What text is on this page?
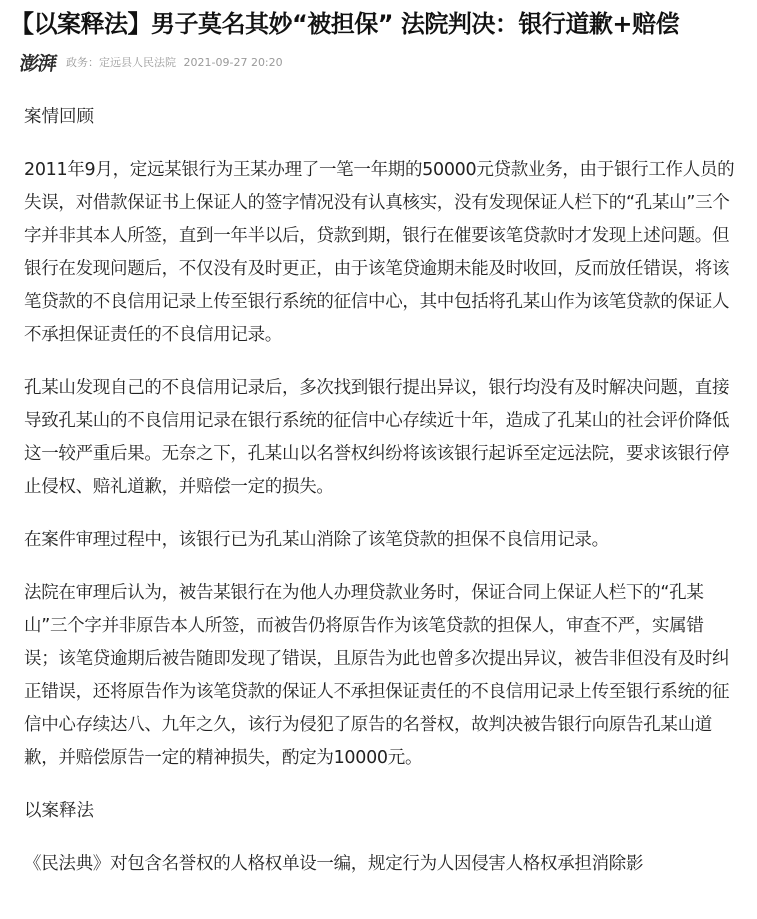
【以案释法】男子莫名其妙“被担保” 法院判决：银行道歉+赔偿
澎湃 政务：定远县人民法院 2021-09-27 20:20

案情回顾

2011年9月，定远某银行为王某办理了一笔一年期的50000元贷款业务，由于银行工作人员的失误，对借款保证书上保证人的签字情况没有认真核实，没有发现保证人栏下的“孔某山”三个字并非其本人所签，直到一年半以后，贷款到期，银行在催要该笔贷款时才发现上述问题。但银行在发现问题后，不仅没有及时更正，由于该笔贷逾期未能及时收回，反而放任错误，将该笔贷款的不良信用记录上传至银行系统的征信中心，其中包括将孔某山作为该笔贷款的保证人不承担保证责任的不良信用记录。

孔某山发现自己的不良信用记录后，多次找到银行提出异议，银行均没有及时解决问题，直接导致孔某山的不良信用记录在银行系统的征信中心存续近十年，造成了孔某山的社会评价降低这一较严重后果。无奈之下，孔某山以名誉权纠纷将该该银行起诉至定远法院，要求该银行停止侵权、赔礼道歉，并赔偿一定的损失。

在案件审理过程中，该银行已为孔某山消除了该笔贷款的担保不良信用记录。

法院在审理后认为，被告某银行在为他人办理贷款业务时，保证合同上保证人栏下的“孔某山”三个字并非原告本人所签，而被告仍将原告作为该笔贷款的担保人，审查不严，实属错误；该笔贷逾期后被告随即发现了错误，且原告为此也曾多次提出异议，被告非但没有及时纠正错误，还将原告作为该笔贷款的保证人不承担保证责任的不良信用记录上传至银行系统的征信中心存续达八、九年之久，该行为侵犯了原告的名誉权，故判决被告银行向原告孔某山道歉，并赔偿原告一定的精神损失，酌定为10000元。

以案释法

《民法典》对包含名誉权的人格权单设一编，规定行为人因侵害人格权承担消除影
